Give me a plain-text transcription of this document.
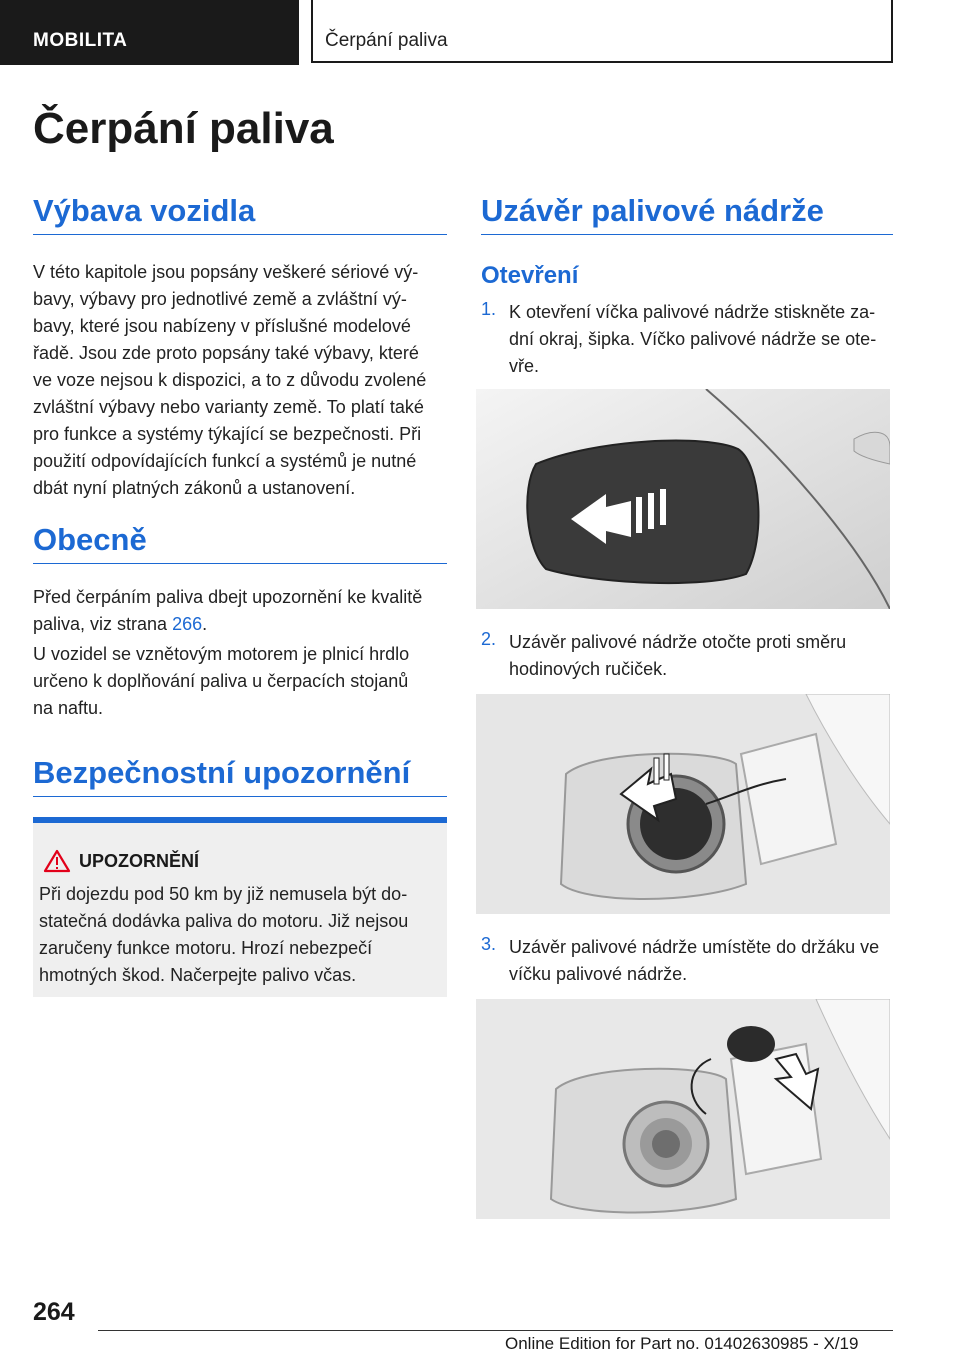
MOBILITA	Čerpání paliva
Čerpání paliva
Výbava vozidla

V této kapitole jsou popsány veškeré sériové vý-
bavy, výbavy pro jednotlivé země a zvláštní vý-
bavy, které jsou nabízeny v příslušné modelové
řadě. Jsou zde proto popsány také výbavy, které
ve voze nejsou k dispozici, a to z důvodu zvolené
zvláštní výbavy nebo varianty země. To platí také
pro funkce a systémy týkající se bezpečnosti. Při
použití odpovídajících funkcí a systémů je nutné
dbát nyní platných zákonů a ustanovení.

Obecně

Před čerpáním paliva dbejt upozornění ke kvalitě
paliva, viz strana 266.

U vozidel se vznětovým motorem je plnicí hrdlo
určeno k doplňování paliva u čerpacích stojanů
na naftu.

Bezpečnostní upozornění
UPOZORNĚNÍ

Při dojezdu pod 50 km by již nemusela být do-
statečná dodávka paliva do motoru. Již nejsou
zaručeny funkce motoru. Hrozí nebezpečí
hmotných škod. Načerpejte palivo včas.

Uzávěr palivové nádrže
Otevření
1. K otevření víčka palivové nádrže stiskněte za-
dní okraj, šipka. Víčko palivové nádrže se ote-
vře.

2. Uzávěr palivové nádrže otočte proti směru
hodinových ručiček.

3. Uzávěr palivové nádrže umístěte do držáku ve
víčku palivové nádrže.

264
Online Edition for Part no. 01402630985 - X/19
